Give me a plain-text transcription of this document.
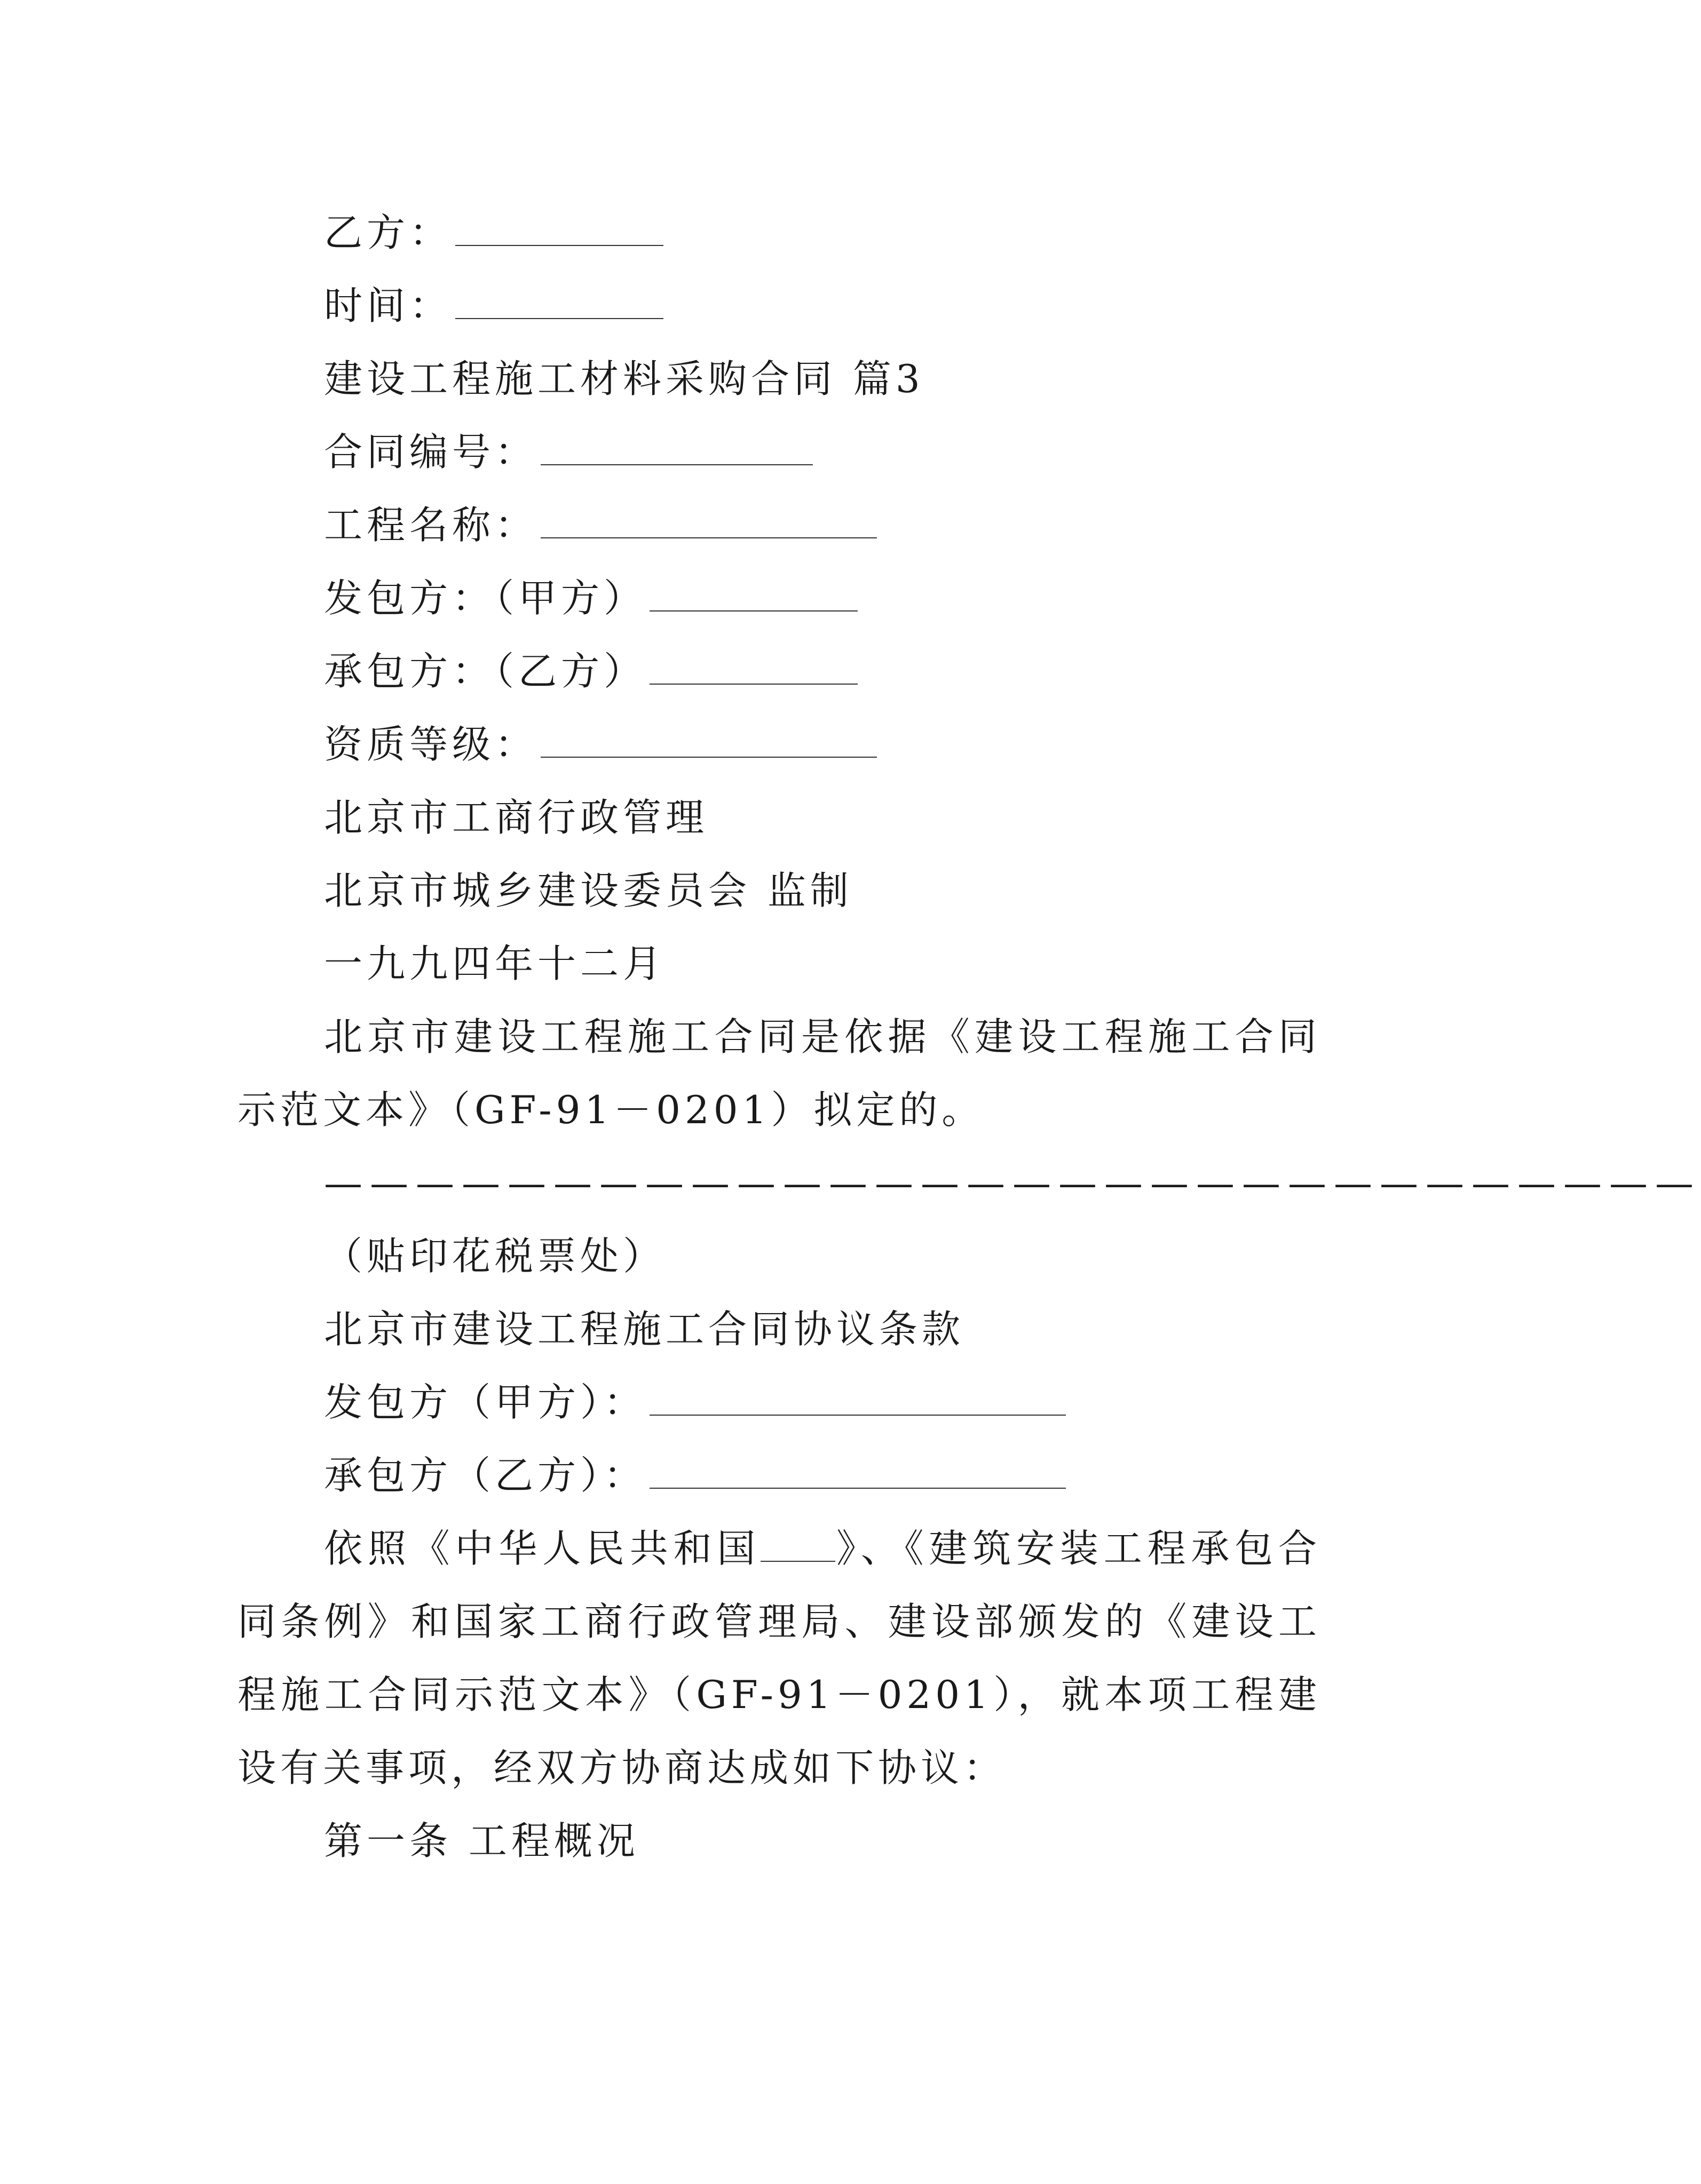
乙方：
时间：
建设工程施工材料采购合同 篇3
合同编号：
工程名称：
发包方：（甲方）
承包方：（乙方）
资质等级：
北京市工商行政管理
北京市城乡建设委员会 监制
一九九四年十二月
北京市建设工程施工合同是依据《建设工程施工合同示范文本》（GF-91－0201）拟定的。
——————————————————————————————
（贴印花税票处）
北京市建设工程施工合同协议条款
发包方（甲方）：
承包方（乙方）：
依照《中华人民共和国 》、《建筑安装工程承包合同条例》和国家工商行政管理局、建设部颁发的《建设工程施工合同示范文本》（GF-91－0201），就本项工程建设有关事项，经双方协商达成如下协议：
第一条 工程概况
